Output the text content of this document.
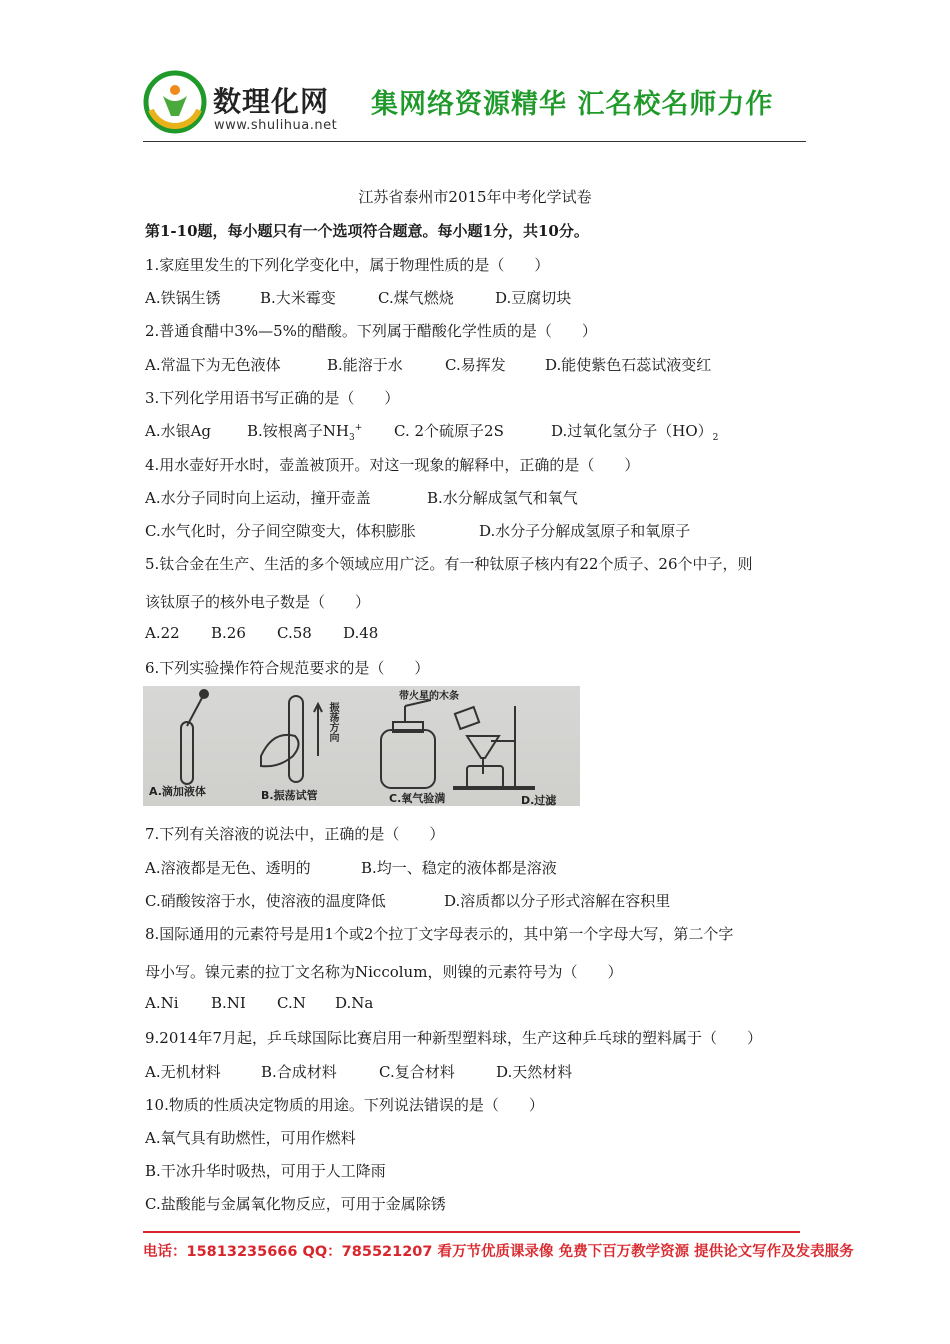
数理化网
www.shulihua.net
集网络资源精华 汇名校名师力作
江苏省泰州市2015年中考化学试卷
第1-10题，每小题只有一个选项符合题意。每小题1分，共10分。
1.家庭里发生的下列化学变化中，属于物理性质的是（　　）
A.铁锅生锈	B.大米霉变	C.煤气燃烧	D.豆腐切块
2.普通食醋中3%—5%的醋酸。下列属于醋酸化学性质的是（　　）
A.常温下为无色液体	B.能溶于水	C.易挥发	D.能使紫色石蕊试液变红
3.下列化学用语书写正确的是（　　）
A.水银Ag B.铵根离子$NH_3^+$ C. 2个硫原子2S	D.过氧化氢分子$(HO)_2$
4.用水壶好开水时，壶盖被顶开。对这一现象的解释中，正确的是（　　）
A.水分子同时向上运动，撞开壶盖	B.水分解成氢气和氧气
C.水气化时，分子间空隙变大，体积膨胀	D.水分子分解成氢原子和氧原子
5.钛合金在生产、生活的多个领域应用广泛。有一种钛原子核内有22个质子、26个中子，则
该钛原子的核外电子数是（　　）
A.22 B.26 C.58 D.48
6.下列实验操作符合规范要求的是（　　）
A.滴加液体	B.振荡试管	C.氧气验满	D.过滤
带火星的木条
振荡方向
7.下列有关溶液的说法中，正确的是（　　）
A.溶液都是无色、透明的	B.均一、稳定的液体都是溶液
C.硝酸铵溶于水，使溶液的温度降低	D.溶质都以分子形式溶解在容积里
8.国际通用的元素符号是用1个或2个拉丁文字母表示的，其中第一个字母大写，第二个字
母小写。镍元素的拉丁文名称为Niccolum，则镍的元素符号为（　　）
A.Ni B.NI C.N D.Na
9.2014年7月起，乒乓球国际比赛启用一种新型塑料球，生产这种乒乓球的塑料属于（　　）
A.无机材料	B.合成材料	C.复合材料	D.天然材料
10.物质的性质决定物质的用途。下列说法错误的是（　　）
A.氧气具有助燃性，可用作燃料
B.干冰升华时吸热，可用于人工降雨
C.盐酸能与金属氧化物反应，可用于金属除锈
电话：15813235666 QQ：785521207 看万节优质课录像 免费下百万教学资源 提供论文写作及发表服务
